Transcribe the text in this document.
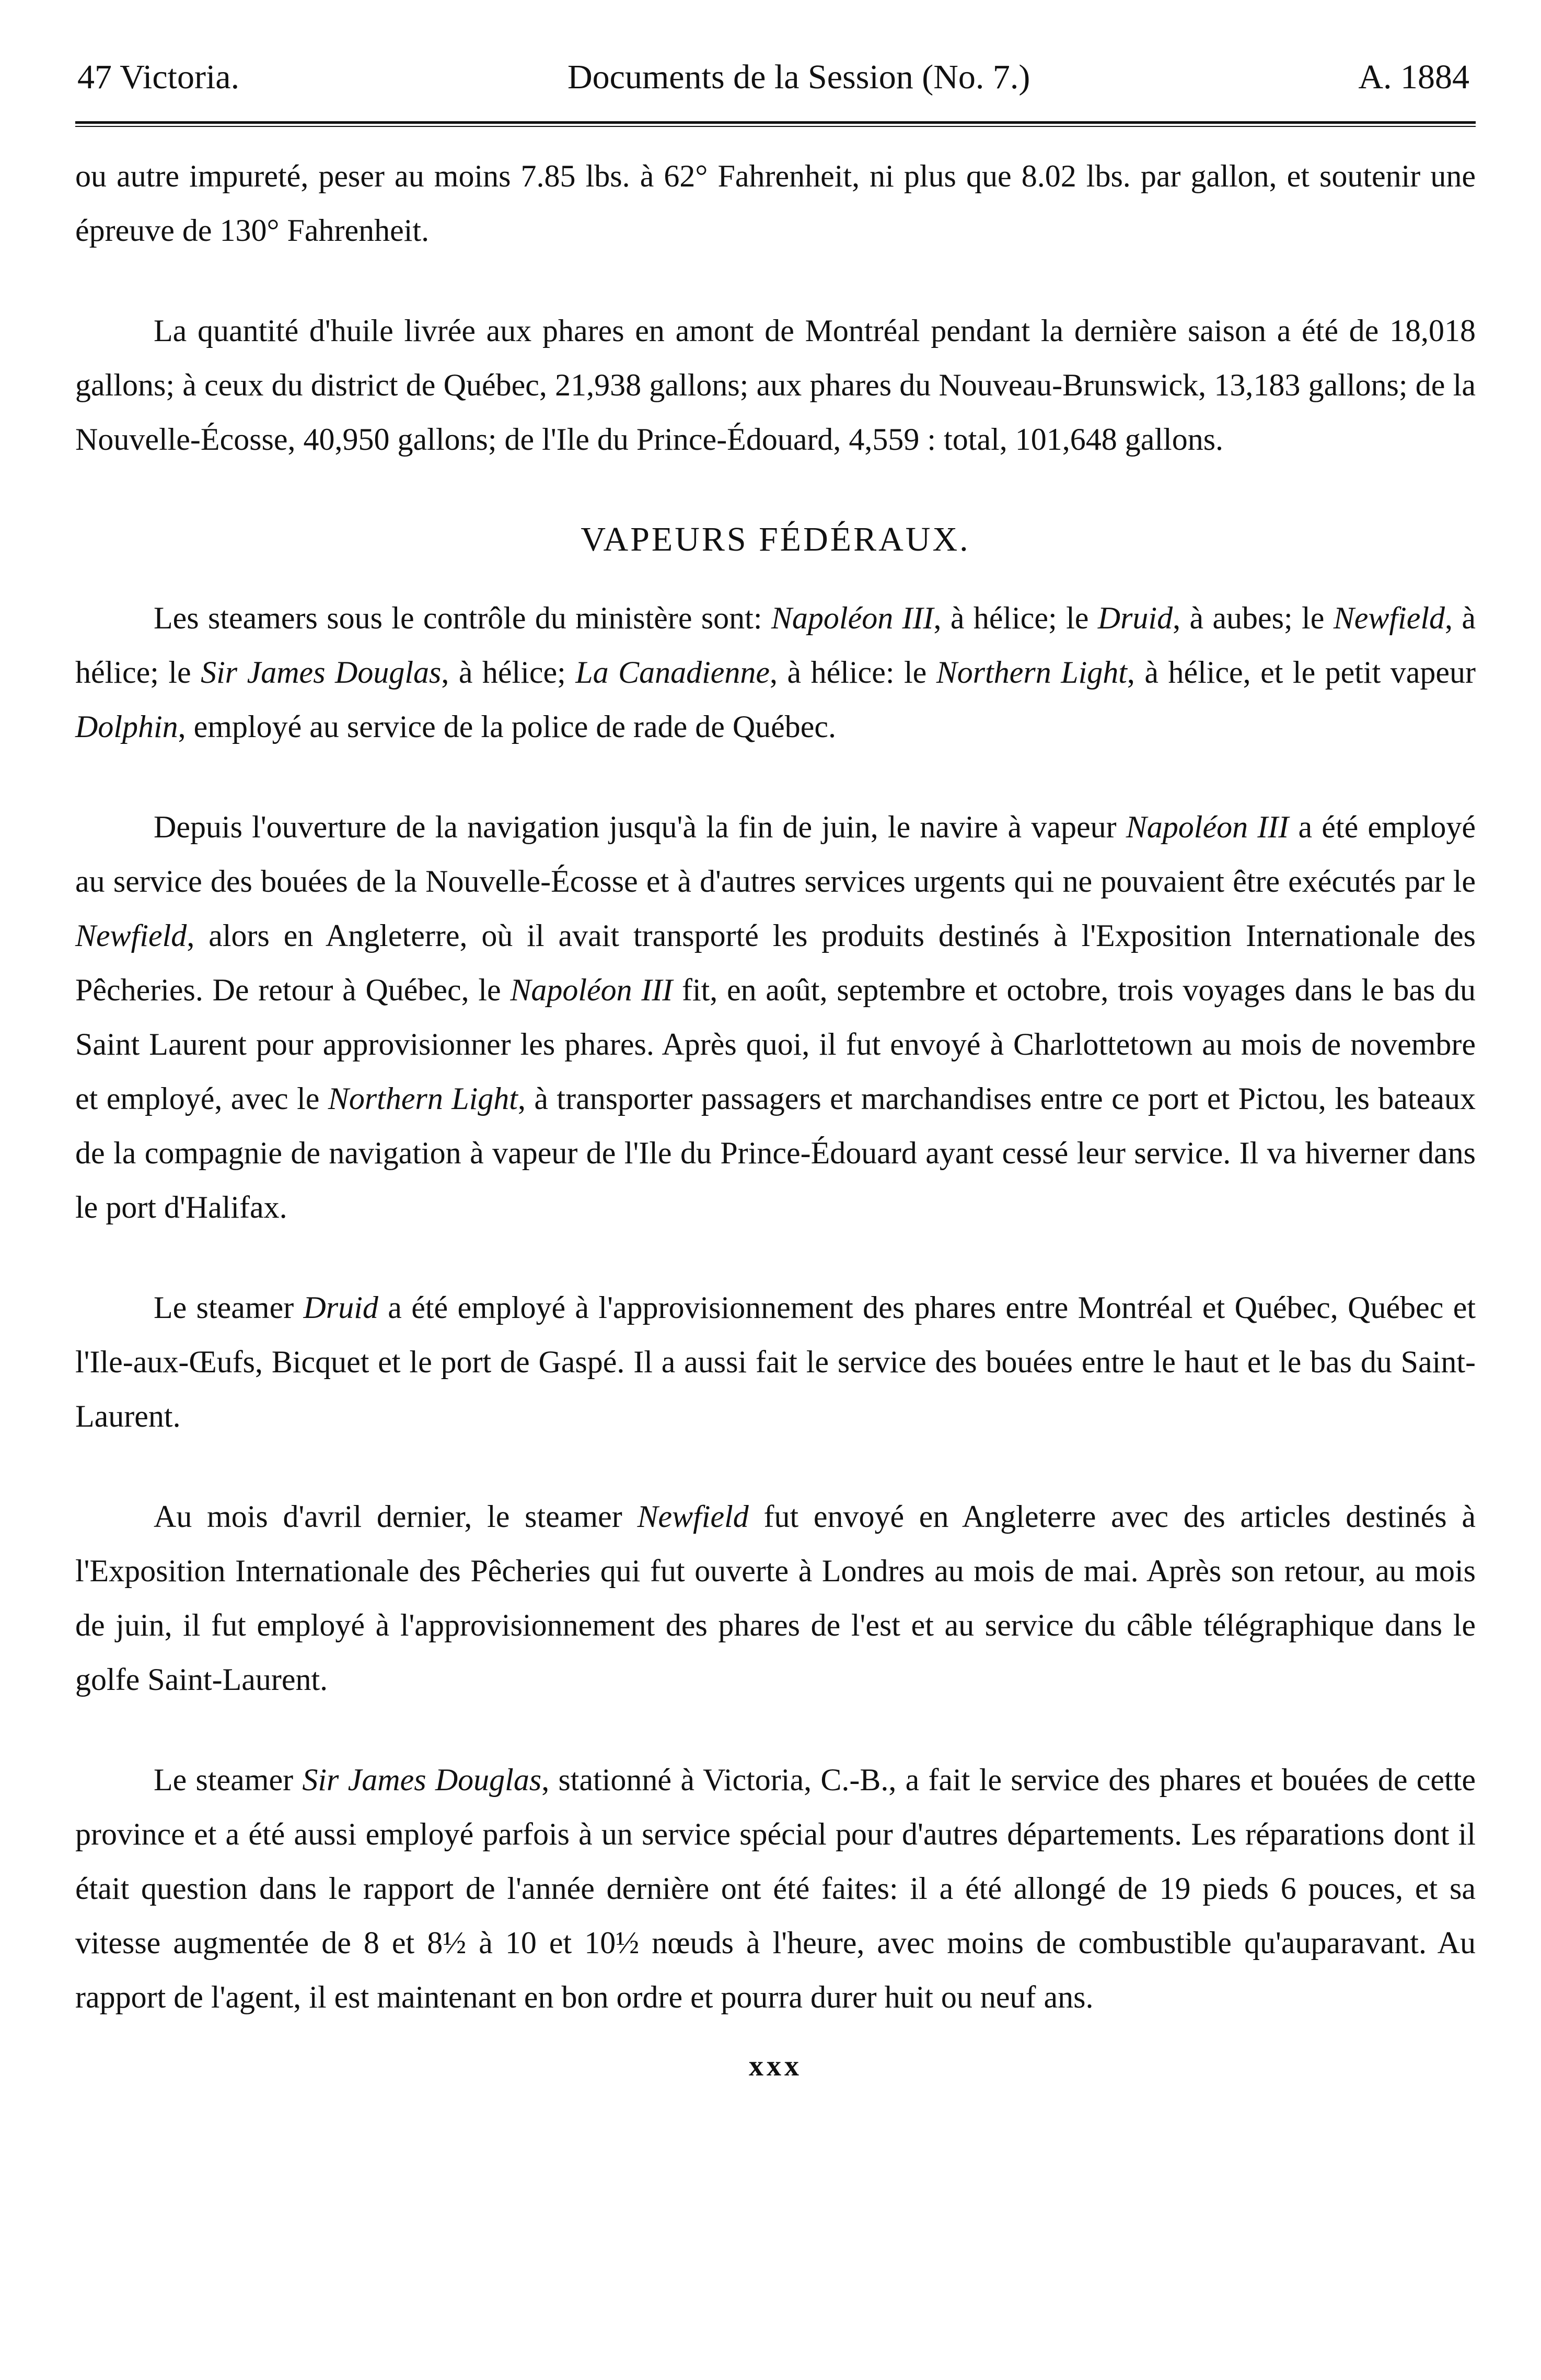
47 Victoria.	Documents de la Session (No. 7.)	A. 1884

ou autre impureté, peser au moins 7.85 lbs. à 62° Fahrenheit, ni plus que 8.02 lbs. par gallon, et soutenir une épreuve de 130° Fahrenheit.

La quantité d'huile livrée aux phares en amont de Montréal pendant la dernière saison a été de 18,018 gallons; à ceux du district de Québec, 21,938 gallons; aux phares du Nouveau-Brunswick, 13,183 gallons; de la Nouvelle-Écosse, 40,950 gallons; de l'Ile du Prince-Édouard, 4,559 : total, 101,648 gallons.

VAPEURS FÉDÉRAUX.

Les steamers sous le contrôle du ministère sont: Napoléon III, à hélice; le Druid, à aubes; le Newfield, à hélice; le Sir James Douglas, à hélice; La Canadienne, à hélice: le Northern Light, à hélice, et le petit vapeur Dolphin, employé au service de la police de rade de Québec.

Depuis l'ouverture de la navigation jusqu'à la fin de juin, le navire à vapeur Napoléon III a été employé au service des bouées de la Nouvelle-Écosse et à d'autres services urgents qui ne pouvaient être exécutés par le Newfield, alors en Angleterre, où il avait transporté les produits destinés à l'Exposition Internationale des Pêcheries. De retour à Québec, le Napoléon III fit, en août, septembre et octobre, trois voyages dans le bas du Saint Laurent pour approvisionner les phares. Après quoi, il fut envoyé à Charlottetown au mois de novembre et employé, avec le Northern Light, à transporter passagers et marchandises entre ce port et Pictou, les bateaux de la compagnie de navigation à vapeur de l'Ile du Prince-Édouard ayant cessé leur service. Il va hiverner dans le port d'Halifax.

Le steamer Druid a été employé à l'approvisionnement des phares entre Montréal et Québec, Québec et l'Ile-aux-Œufs, Bicquet et le port de Gaspé. Il a aussi fait le service des bouées entre le haut et le bas du Saint-Laurent.

Au mois d'avril dernier, le steamer Newfield fut envoyé en Angleterre avec des articles destinés à l'Exposition Internationale des Pêcheries qui fut ouverte à Londres au mois de mai. Après son retour, au mois de juin, il fut employé à l'approvisionnement des phares de l'est et au service du câble télégraphique dans le golfe Saint-Laurent.

Le steamer Sir James Douglas, stationné à Victoria, C.-B., a fait le service des phares et bouées de cette province et a été aussi employé parfois à un service spécial pour d'autres départements. Les réparations dont il était question dans le rapport de l'année dernière ont été faites: il a été allongé de 19 pieds 6 pouces, et sa vitesse augmentée de 8 et 8½ à 10 et 10½ nœuds à l'heure, avec moins de combustible qu'auparavant. Au rapport de l'agent, il est maintenant en bon ordre et pourra durer huit ou neuf ans.

xxx
